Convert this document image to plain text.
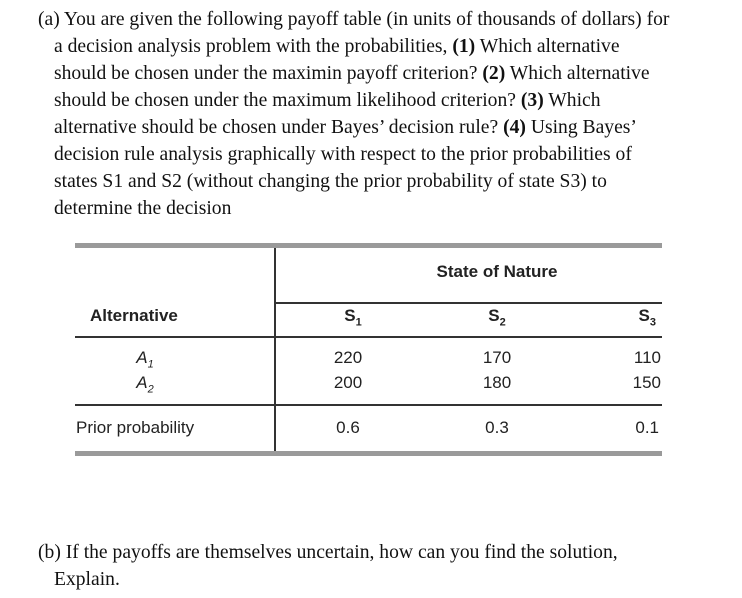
(a) You are given the following payoff table (in units of thousands of dollars) for
a decision analysis problem with the probabilities, (1) Which alternative
should be chosen under the maximin payoff criterion? (2) Which alternative
should be chosen under the maximum likelihood criterion? (3) Which
alternative should be chosen under Bayes’ decision rule? (4) Using Bayes’
decision rule analysis graphically with respect to the prior probabilities of
states S1 and S2 (without changing the prior probability of state S3) to
determine the decision
State of Nature
Alternative	$S_1$	$S_2$	$S_3$
$A_1$	220	170	110
$A_2$	200	180	150
Prior probability	0.6	0.3	0.1
(b) If the payoffs are themselves uncertain, how can you find the solution,
Explain.
